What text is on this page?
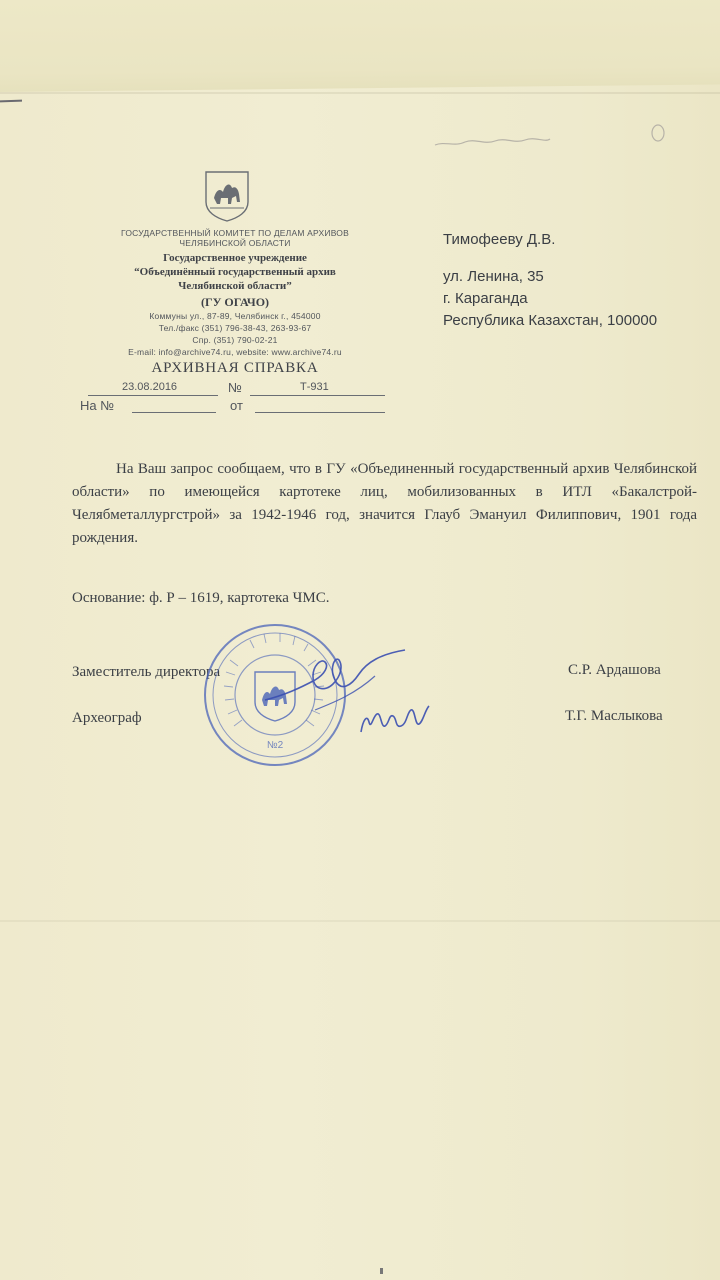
ГОСУДАРСТВЕННЫЙ КОМИТЕТ ПО ДЕЛАМ АРХИВОВ
ЧЕЛЯБИНСКОЙ ОБЛАСТИ
Государственное учреждение
“Объединённый государственный архив
Челябинской области”
(ГУ ОГАЧО)
Коммуны ул., 87-89, Челябинск г., 454000
Тел./факс (351) 796-38-43, 263-93-67
Спр. (351) 790-02-21
E-mail: info@archive74.ru, website: www.archive74.ru
АРХИВНАЯ СПРАВКА
23.08.2016	№	Т-931
На №	от
Тимофееву Д.В.
ул. Ленина, 35
г. Караганда
Республика Казахстан, 100000

На Ваш запрос сообщаем, что в ГУ «Объединенный государственный архив Челябинской области» по имеющейся картотеке лиц, мобилизованных в ИТЛ «Бакалстрой-Челябметаллургстрой» за 1942-1946 год, значится Глауб Эмануил Филиппович, 1901 года рождения.

Основание: ф. Р – 1619, картотека ЧМС.
Заместитель директора	С.Р. Ардашова
Археограф	Т.Г. Маслыкова
№2
